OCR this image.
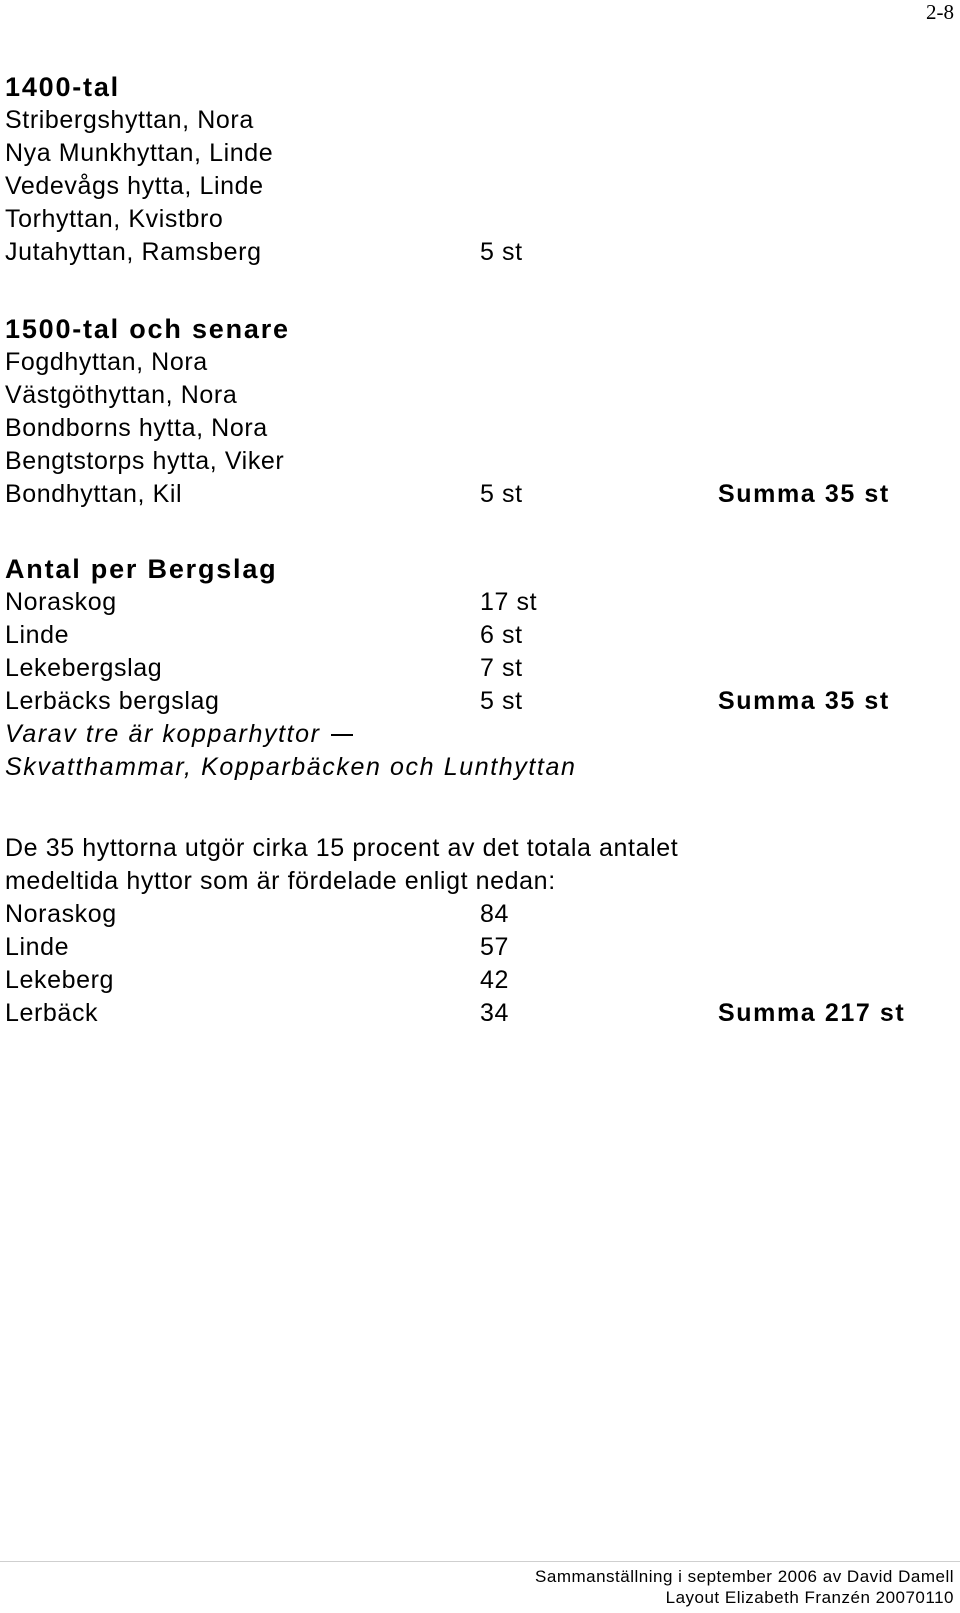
2-8
1400-tal
Stribergshyttan, Nora
Nya Munkhyttan, Linde
Vedevågs hytta, Linde
Torhyttan, Kvistbro
Jutahyttan, Ramsberg	5 st
1500-tal och senare
Fogdhyttan, Nora
Västgöthyttan, Nora
Bondborns hytta, Nora
Bengtstorps hytta, Viker
Bondhyttan, Kil	5 st	Summa 35 st
Antal per Bergslag
Noraskog	17 st
Linde	6 st
Lekebergslag	7 st
Lerbäcks bergslag	5 st	Summa 35 st
Varav tre är kopparhyttor
Skvatthammar, Kopparbäcken och Lunthyttan
De 35 hyttorna utgör cirka 15 procent av det totala antalet
medeltida hyttor som är fördelade enligt nedan:
Noraskog	84
Linde	57
Lekeberg	42
Lerbäck	34	Summa 217 st
Sammanställning i september 2006 av David Damell
Layout Elizabeth Franzén 20070110
